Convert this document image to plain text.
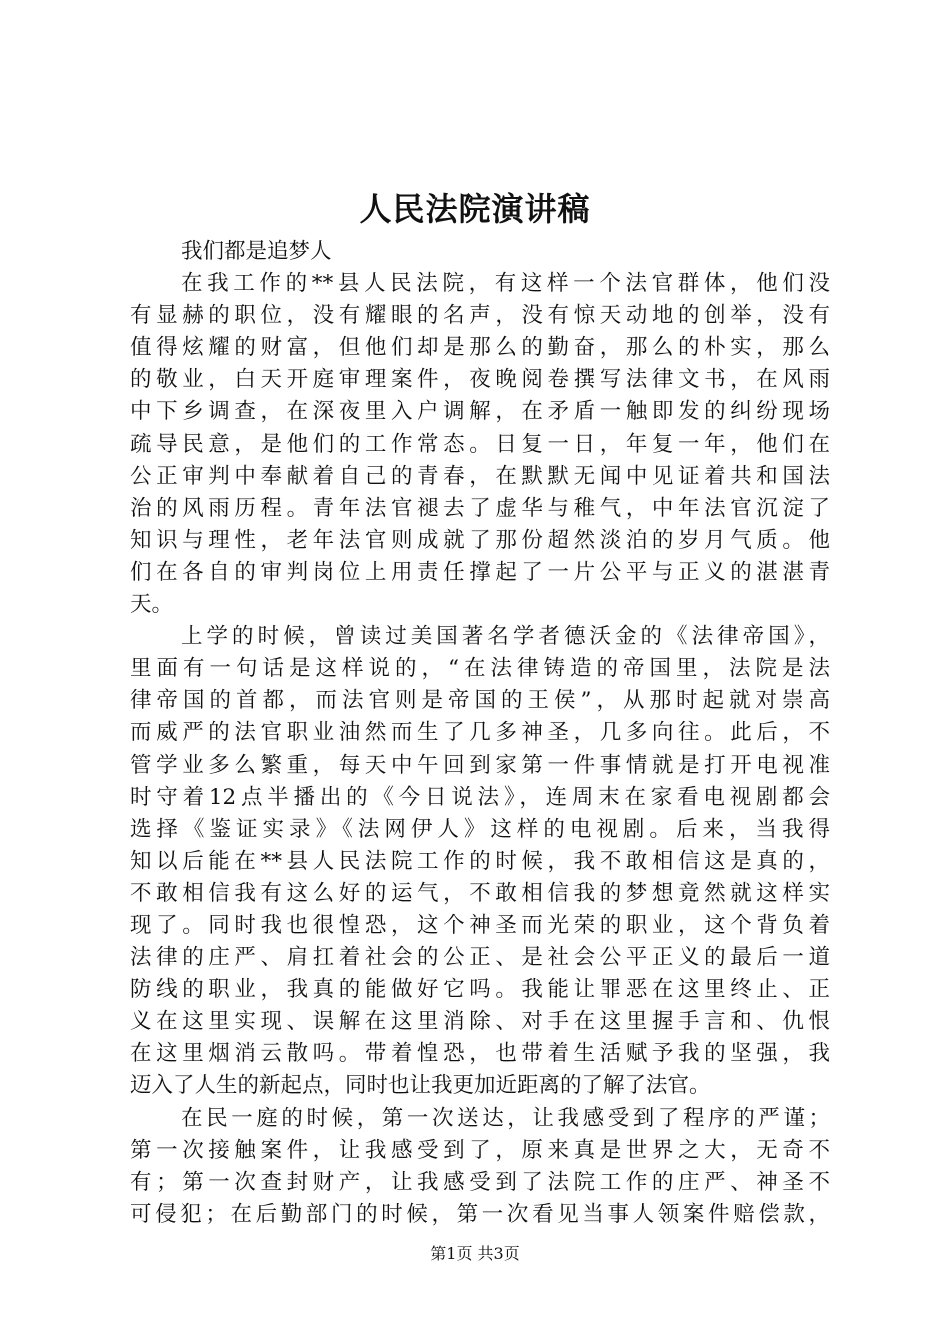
人民法院演讲稿
我们都是追梦人
在我工作的**县人民法院，有这样一个法官群体，他们没
有显赫的职位，没有耀眼的名声，没有惊天动地的创举，没有
值得炫耀的财富，但他们却是那么的勤奋，那么的朴实，那么
的敬业，白天开庭审理案件，夜晚阅卷撰写法律文书，在风雨
中下乡调查，在深夜里入户调解，在矛盾一触即发的纠纷现场
疏导民意，是他们的工作常态。日复一日，年复一年，他们在
公正审判中奉献着自己的青春，在默默无闻中见证着共和国法
治的风雨历程。青年法官褪去了虚华与稚气，中年法官沉淀了
知识与理性，老年法官则成就了那份超然淡泊的岁月气质。他
们在各自的审判岗位上用责任撑起了一片公平与正义的湛湛青
天。
上学的时候，曾读过美国著名学者德沃金的《法律帝国》，
里面有一句话是这样说的，“在法律铸造的帝国里，法院是法
律帝国的首都，而法官则是帝国的王侯”，从那时起就对崇高
而威严的法官职业油然而生了几多神圣，几多向往。此后，不
管学业多么繁重，每天中午回到家第一件事情就是打开电视准
时守着12点半播出的《今日说法》，连周末在家看电视剧都会
选择《鉴证实录》《法网伊人》这样的电视剧。后来，当我得
知以后能在**县人民法院工作的时候，我不敢相信这是真的，
不敢相信我有这么好的运气，不敢相信我的梦想竟然就这样实
现了。同时我也很惶恐，这个神圣而光荣的职业，这个背负着
法律的庄严、肩扛着社会的公正、是社会公平正义的最后一道
防线的职业，我真的能做好它吗。我能让罪恶在这里终止、正
义在这里实现、误解在这里消除、对手在这里握手言和、仇恨
在这里烟消云散吗。带着惶恐，也带着生活赋予我的坚强，我
迈入了人生的新起点，同时也让我更加近距离的了解了法官。
在民一庭的时候，第一次送达，让我感受到了程序的严谨；
第一次接触案件，让我感受到了，原来真是世界之大，无奇不
有；第一次查封财产，让我感受到了法院工作的庄严、神圣不
可侵犯；在后勤部门的时候，第一次看见当事人领案件赔偿款，
第1页 共3页
